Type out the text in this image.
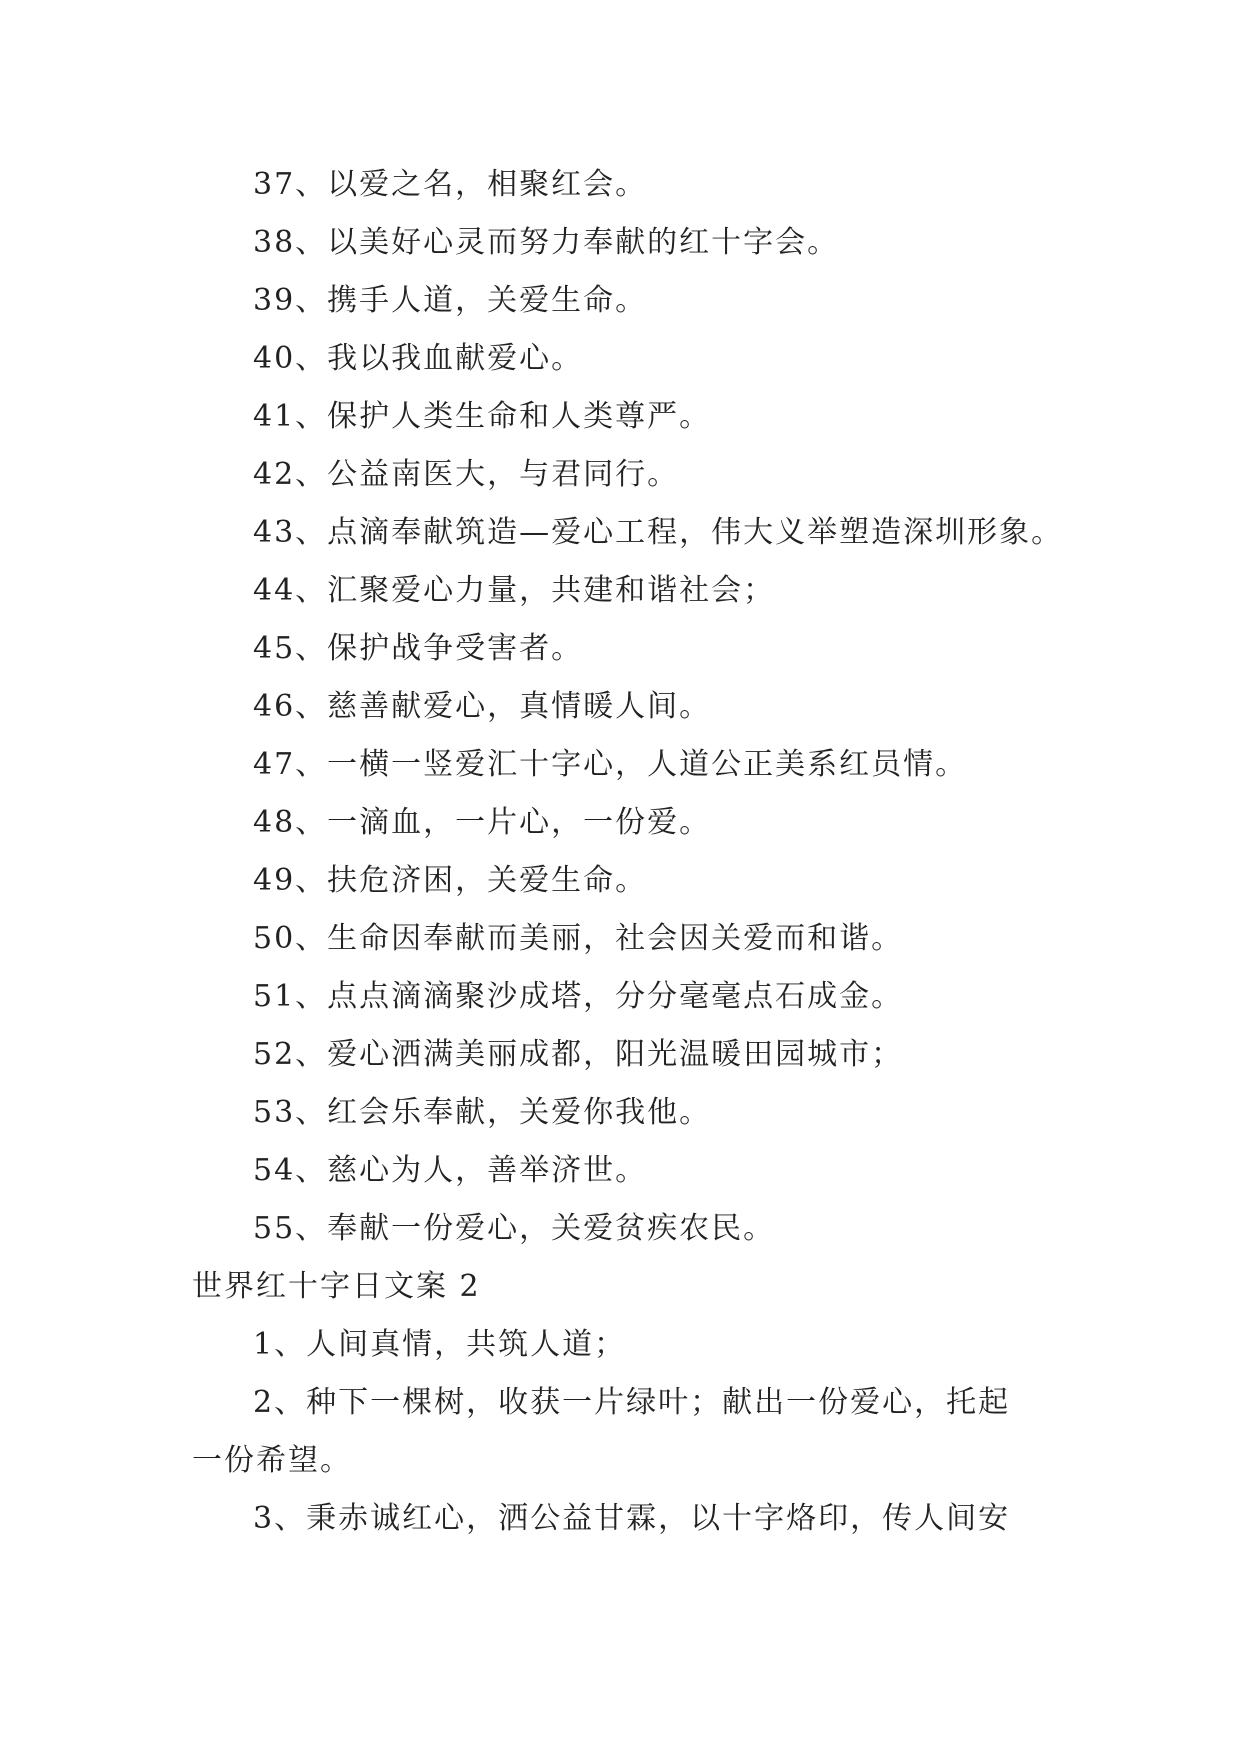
37、以爱之名，相聚红会。
38、以美好心灵而努力奉献的红十字会。
39、携手人道，关爱生命。
40、我以我血献爱心。
41、保护人类生命和人类尊严。
42、公益南医大，与君同行。
43、点滴奉献筑造—爱心工程，伟大义举塑造深圳形象。
44、汇聚爱心力量，共建和谐社会；
45、保护战争受害者。
46、慈善献爱心，真情暖人间。
47、一横一竖爱汇十字心，人道公正美系红员情。
48、一滴血，一片心，一份爱。
49、扶危济困，关爱生命。
50、生命因奉献而美丽，社会因关爱而和谐。
51、点点滴滴聚沙成塔，分分毫毫点石成金。
52、爱心洒满美丽成都，阳光温暖田园城市；
53、红会乐奉献，关爱你我他。
54、慈心为人，善举济世。
55、奉献一份爱心，关爱贫疾农民。
世界红十字日文案 2
1、人间真情，共筑人道；
2、种下一棵树，收获一片绿叶；献出一份爱心，托起
一份希望。
3、秉赤诚红心，洒公益甘霖，以十字烙印，传人间安
